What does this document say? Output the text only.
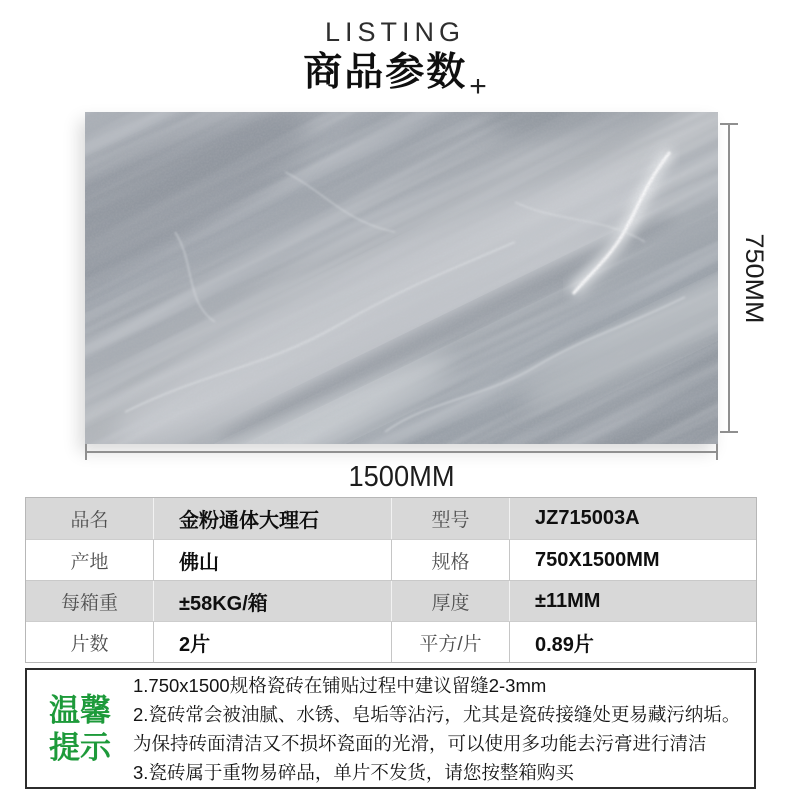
LISTING
商品参数+
750MM
1500MM
品名	金粉通体大理石	型号	JZ715003A
产地	佛山	规格	750X1500MM
每箱重	±58KG/箱	厚度	±11MM
片数	2片	平方/片	0.89片
温馨
提示
1.750x1500规格瓷砖在铺贴过程中建议留缝2-3mm
2.瓷砖常会被油腻、水锈、皂垢等沾污，尤其是瓷砖接缝处更易藏污纳垢。为保持砖面清洁又不损坏瓷面的光滑，可以使用多功能去污膏进行清洁
3.瓷砖属于重物易碎品，单片不发货，请您按整箱购买
